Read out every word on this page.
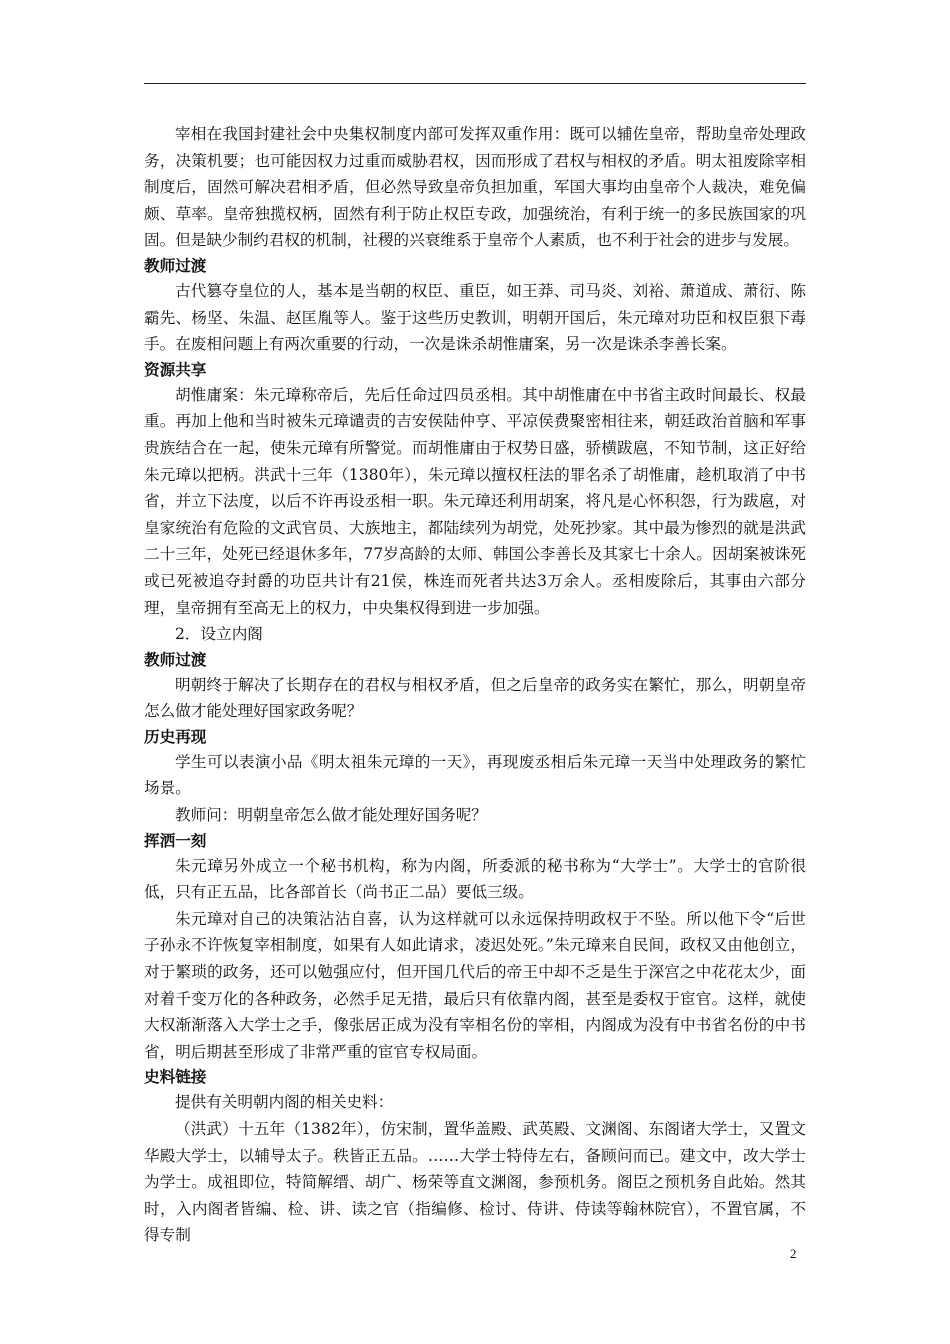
宰相在我国封建社会中央集权制度内部可发挥双重作用：既可以辅佐皇帝，帮助皇帝处理政务，决策机要；也可能因权力过重而威胁君权，因而形成了君权与相权的矛盾。明太祖废除宰相制度后，固然可解决君相矛盾，但必然导致皇帝负担加重，军国大事均由皇帝个人裁决，难免偏颇、草率。皇帝独揽权柄，固然有利于防止权臣专政，加强统治，有利于统一的多民族国家的巩固。但是缺少制约君权的机制，社稷的兴衰维系于皇帝个人素质，也不利于社会的进步与发展。

教师过渡

古代篡夺皇位的人，基本是当朝的权臣、重臣，如王莽、司马炎、刘裕、萧道成、萧衍、陈霸先、杨坚、朱温、赵匡胤等人。鉴于这些历史教训，明朝开国后，朱元璋对功臣和权臣狠下毒手。在废相问题上有两次重要的行动，一次是诛杀胡惟庸案，另一次是诛杀李善长案。

资源共享

胡惟庸案：朱元璋称帝后，先后任命过四员丞相。其中胡惟庸在中书省主政时间最长、权最重。再加上他和当时被朱元璋谴责的吉安侯陆仲亨、平凉侯费聚密相往来，朝廷政治首脑和军事贵族结合在一起，使朱元璋有所警觉。而胡惟庸由于权势日盛，骄横跋扈，不知节制，这正好给朱元璋以把柄。洪武十三年（1380年），朱元璋以擅权枉法的罪名杀了胡惟庸，趁机取消了中书省，并立下法度，以后不许再设丞相一职。朱元璋还利用胡案，将凡是心怀积怨，行为跋扈，对皇家统治有危险的文武官员、大族地主，都陆续列为胡党，处死抄家。其中最为惨烈的就是洪武二十三年，处死已经退休多年，77岁高龄的太师、韩国公李善长及其家七十余人。因胡案被诛死或已死被追夺封爵的功臣共计有21侯，株连而死者共达3万余人。丞相废除后，其事由六部分理，皇帝拥有至高无上的权力，中央集权得到进一步加强。

2．设立内阁

教师过渡

明朝终于解决了长期存在的君权与相权矛盾，但之后皇帝的政务实在繁忙，那么，明朝皇帝怎么做才能处理好国家政务呢？

历史再现

学生可以表演小品《明太祖朱元璋的一天》，再现废丞相后朱元璋一天当中处理政务的繁忙场景。

教师问：明朝皇帝怎么做才能处理好国务呢？

挥洒一刻

朱元璋另外成立一个秘书机构，称为内阁，所委派的秘书称为“大学士”。大学士的官阶很低，只有正五品，比各部首长（尚书正二品）要低三级。

朱元璋对自己的决策沾沾自喜，认为这样就可以永远保持明政权于不坠。所以他下令“后世子孙永不许恢复宰相制度，如果有人如此请求，凌迟处死。”朱元璋来自民间，政权又由他创立，对于繁琐的政务，还可以勉强应付，但开国几代后的帝王中却不乏是生于深宫之中花花太少，面对着千变万化的各种政务，必然手足无措，最后只有依靠内阁，甚至是委权于宦官。这样，就使大权渐渐落入大学士之手，像张居正成为没有宰相名份的宰相，内阁成为没有中书省名份的中书省，明后期甚至形成了非常严重的宦官专权局面。

史料链接

提供有关明朝内阁的相关史料：

（洪武）十五年（1382年），仿宋制，置华盖殿、武英殿、文渊阁、东阁诸大学士，又置文华殿大学士，以辅导太子。秩皆正五品。……大学士特侍左右，备顾问而已。建文中，改大学士为学士。成祖即位，特简解缙、胡广、杨荣等直文渊阁，参预机务。阁臣之预机务自此始。然其时，入内阁者皆编、检、讲、读之官（指编修、检讨、侍讲、侍读等翰林院官），不置官属，不得专制

2
